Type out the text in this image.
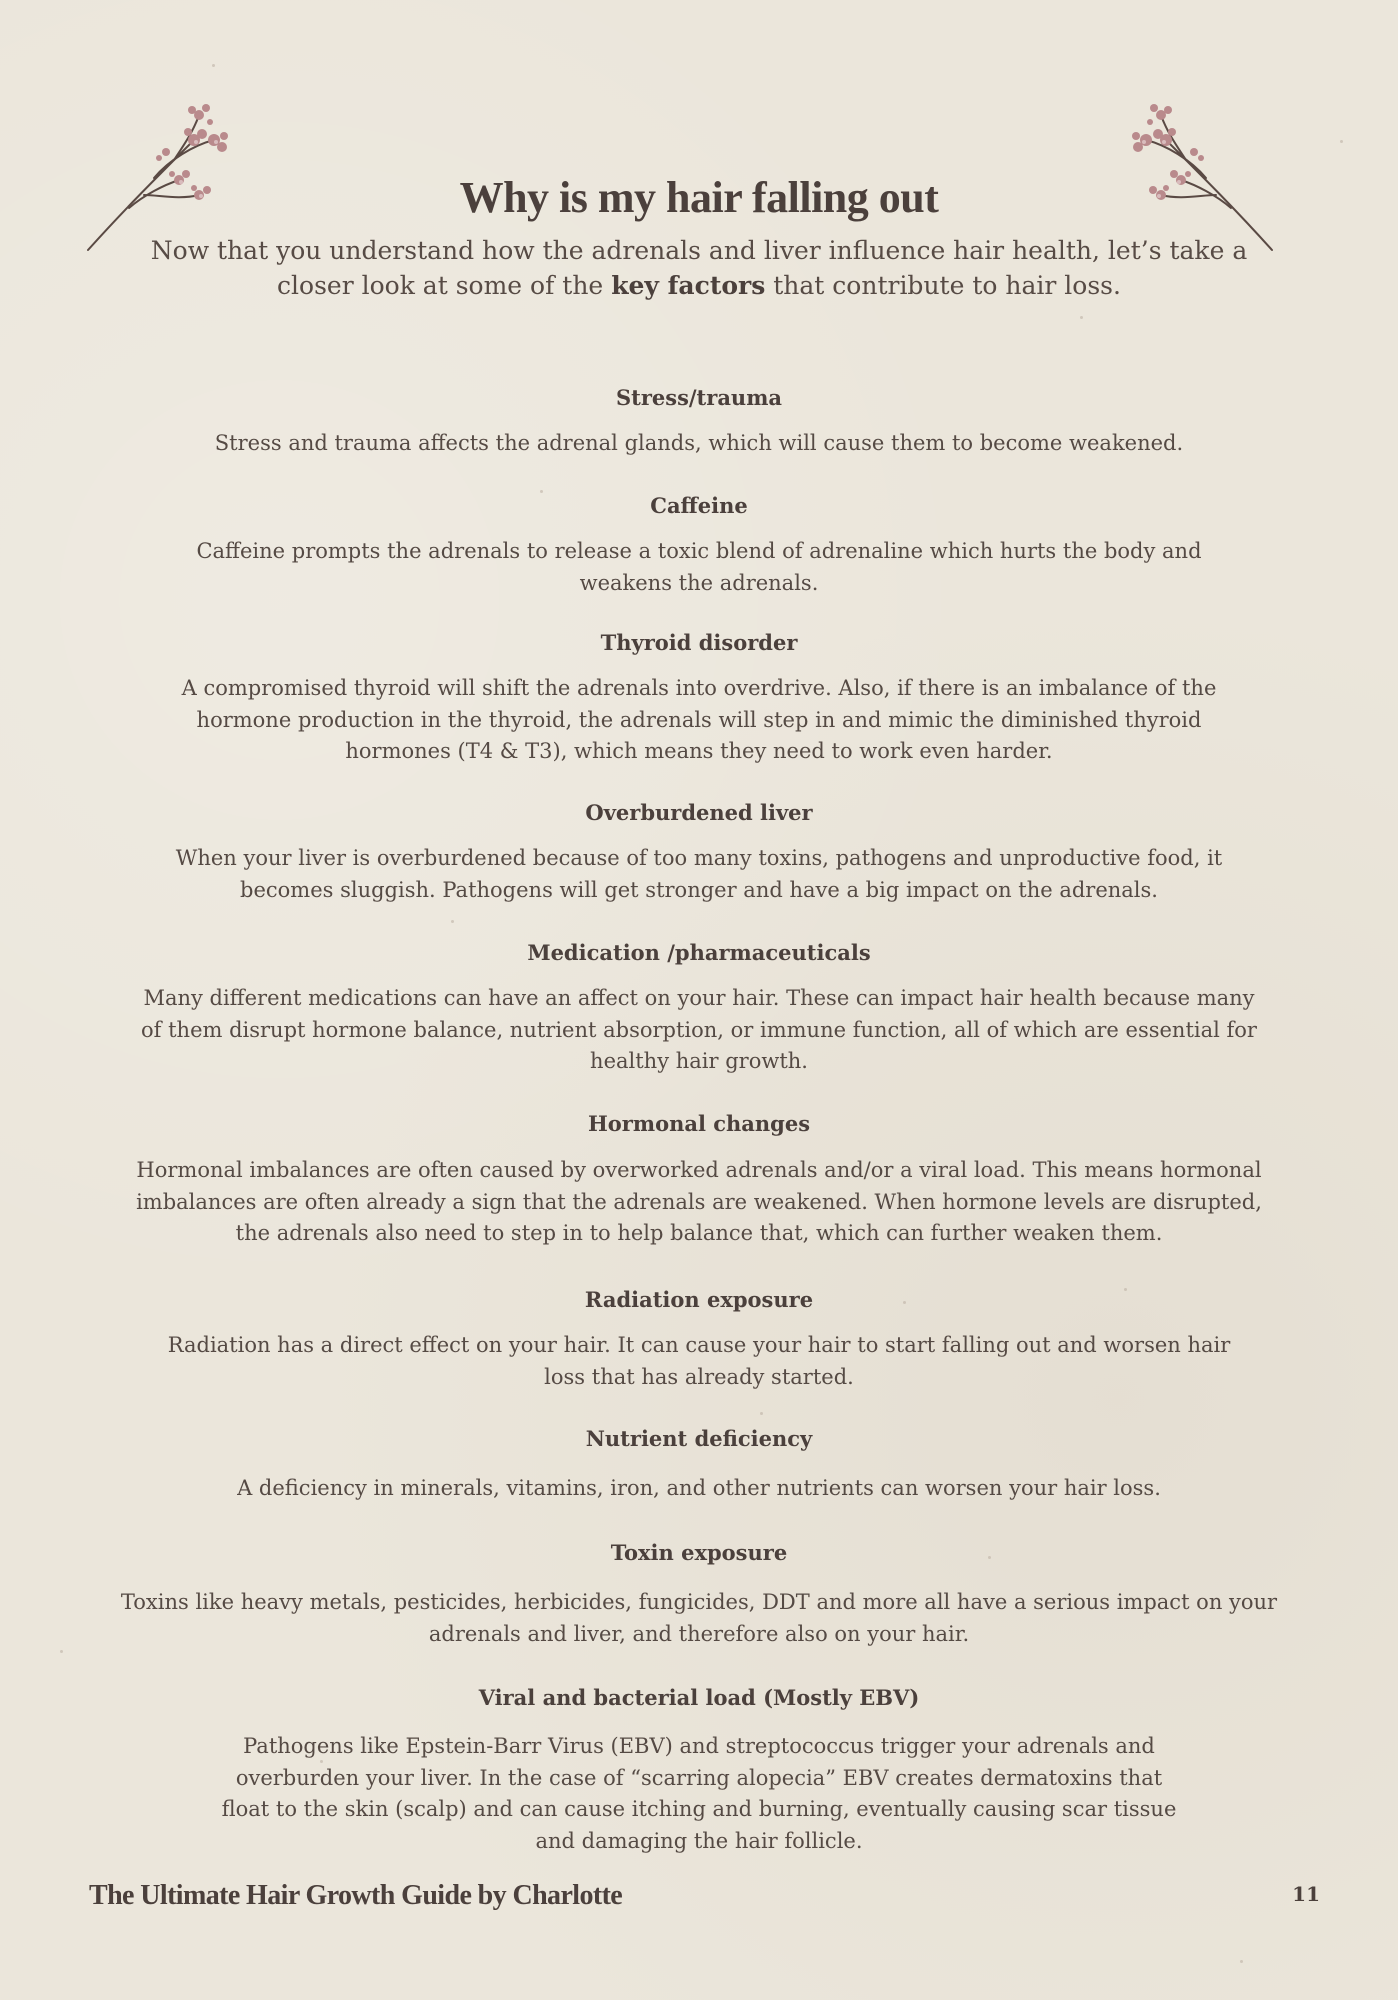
Why is my hair falling out

Now that you understand how the adrenals and liver influence hair health, let’s take a closer look at some of the key factors that contribute to hair loss.

Stress/trauma
Stress and trauma affects the adrenal glands, which will cause them to become weakened.
Caffeine
Caffeine prompts the adrenals to release a toxic blend of adrenaline which hurts the body and weakens the adrenals.
Thyroid disorder
A compromised thyroid will shift the adrenals into overdrive. Also, if there is an imbalance of the hormone production in the thyroid, the adrenals will step in and mimic the diminished thyroid hormones (T4 & T3), which means they need to work even harder.
Overburdened liver
When your liver is overburdened because of too many toxins, pathogens and unproductive food, it becomes sluggish. Pathogens will get stronger and have a big impact on the adrenals.
Medication /pharmaceuticals
Many different medications can have an affect on your hair. These can impact hair health because many of them disrupt hormone balance, nutrient absorption, or immune function, all of which are essential for healthy hair growth.
Hormonal changes
Hormonal imbalances are often caused by overworked adrenals and/or a viral load. This means hormonal imbalances are often already a sign that the adrenals are weakened. When hormone levels are disrupted, the adrenals also need to step in to help balance that, which can further weaken them.
Radiation exposure
Radiation has a direct effect on your hair. It can cause your hair to start falling out and worsen hair loss that has already started.
Nutrient deficiency
A deficiency in minerals, vitamins, iron, and other nutrients can worsen your hair loss.
Toxin exposure
Toxins like heavy metals, pesticides, herbicides, fungicides, DDT and more all have a serious impact on your adrenals and liver, and therefore also on your hair.
Viral and bacterial load (Mostly EBV)
Pathogens like Epstein-Barr Virus (EBV) and streptococcus trigger your adrenals and overburden your liver. In the case of “scarring alopecia” EBV creates dermatoxins that float to the skin (scalp) and can cause itching and burning, eventually causing scar tissue and damaging the hair follicle.
The Ultimate Hair Growth Guide by Charlotte	11
